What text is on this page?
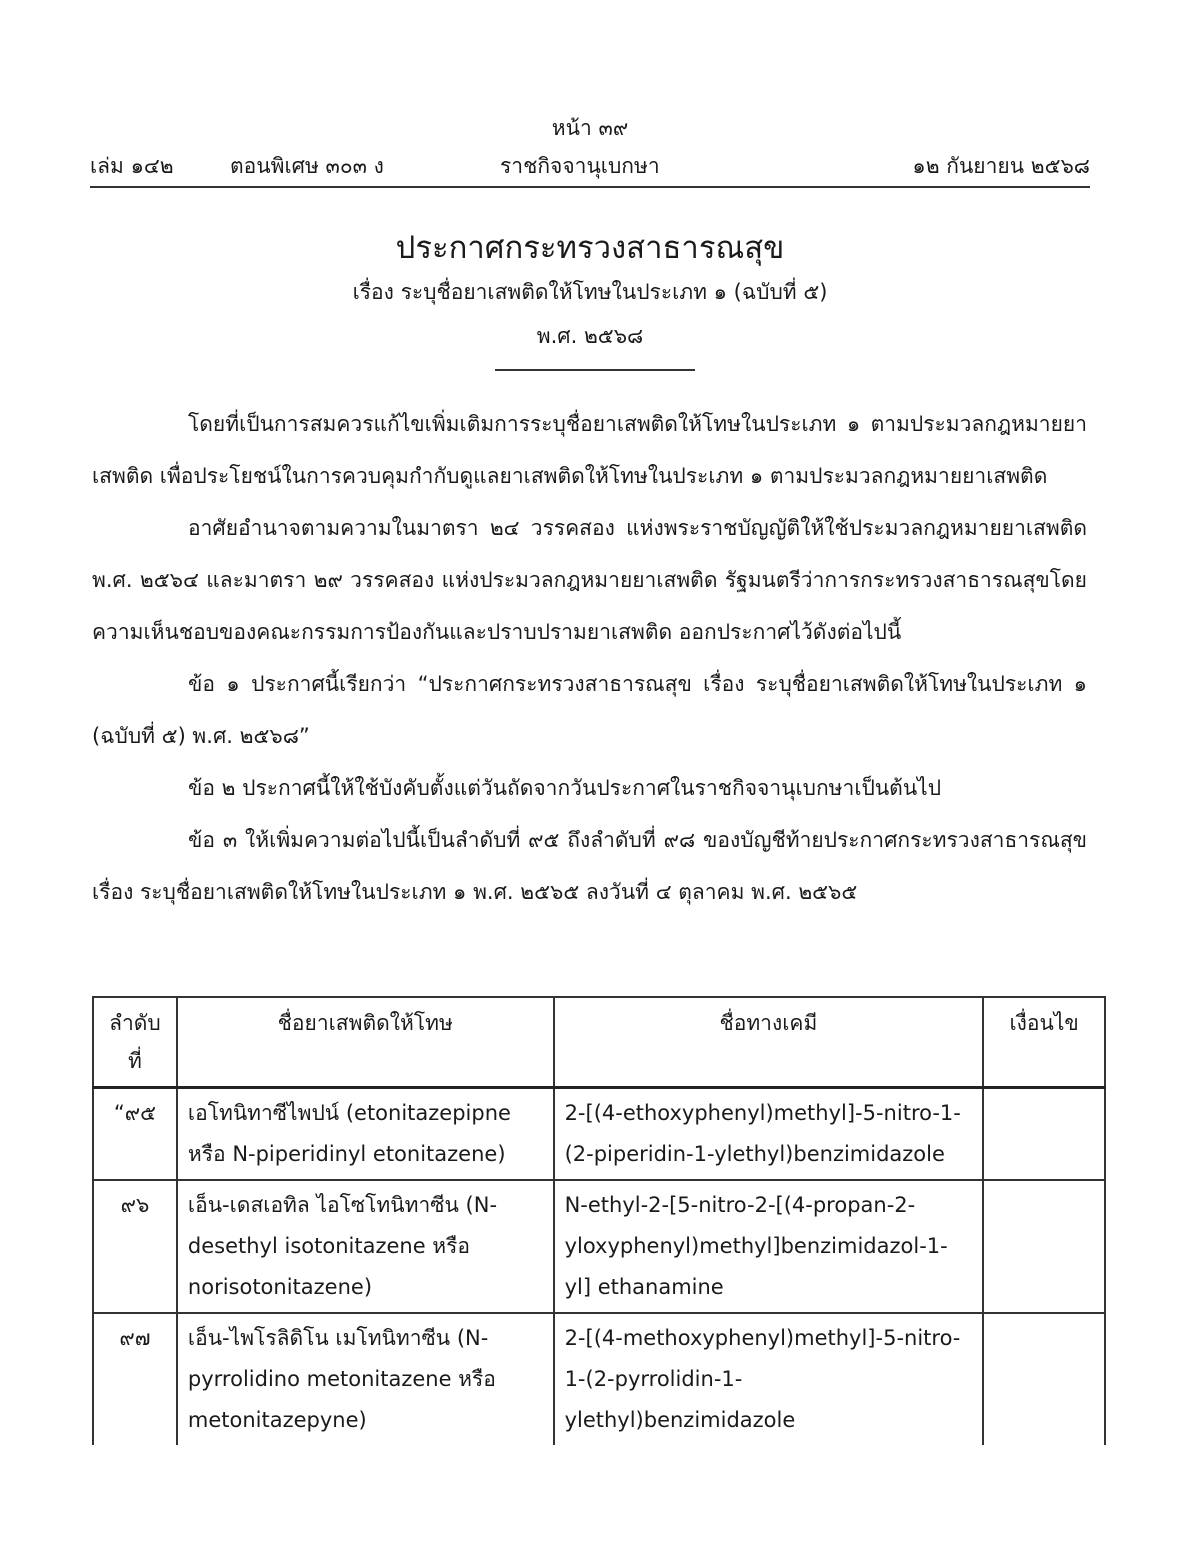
หน้า ๓๙
เล่ม ๑๔๒	ตอนพิเศษ ๓๐๓ ง	ราชกิจจานุเบกษา	๑๒ กันยายน ๒๕๖๘
ประกาศกระทรวงสาธารณสุข
เรื่อง ระบุชื่อยาเสพติดให้โทษในประเภท ๑ (ฉบับที่ ๕)
พ.ศ. ๒๕๖๘

โดยที่เป็นการสมควรแก้ไขเพิ่มเติมการระบุชื่อยาเสพติดให้โทษในประเภท ๑ ตามประมวลกฎหมายยาเสพติด เพื่อประโยชน์ในการควบคุมกำกับดูแลยาเสพติดให้โทษในประเภท ๑ ตามประมวลกฎหมายยาเสพติด

อาศัยอำนาจตามความในมาตรา ๒๔ วรรคสอง แห่งพระราชบัญญัติให้ใช้ประมวลกฎหมายยาเสพติด พ.ศ. ๒๕๖๔ และมาตรา ๒๙ วรรคสอง แห่งประมวลกฎหมายยาเสพติด รัฐมนตรีว่าการกระทรวงสาธารณสุขโดยความเห็นชอบของคณะกรรมการป้องกันและปราบปรามยาเสพติด ออกประกาศไว้ดังต่อไปนี้

ข้อ ๑ ประกาศนี้เรียกว่า “ประกาศกระทรวงสาธารณสุข เรื่อง ระบุชื่อยาเสพติดให้โทษในประเภท ๑ (ฉบับที่ ๕) พ.ศ. ๒๕๖๘”

ข้อ ๒ ประกาศนี้ให้ใช้บังคับตั้งแต่วันถัดจากวันประกาศในราชกิจจานุเบกษาเป็นต้นไป

ข้อ ๓ ให้เพิ่มความต่อไปนี้เป็นลำดับที่ ๙๕ ถึงลำดับที่ ๙๘ ของบัญชีท้ายประกาศกระทรวงสาธารณสุข เรื่อง ระบุชื่อยาเสพติดให้โทษในประเภท ๑ พ.ศ. ๒๕๖๕ ลงวันที่ ๔ ตุลาคม พ.ศ. ๒๕๖๕

ลำดับที่	ชื่อยาเสพติดให้โทษ	ชื่อทางเคมี	เงื่อนไข
“๙๕	เอโทนิทาซีไพปน์ (etonitazepipne หรือ N-piperidinyl etonitazene)	2-[(4-ethoxyphenyl)methyl]-5-nitro-1-(2-piperidin-1-ylethyl)benzimidazole	
๙๖	เอ็น-เดสเอทิล ไอโซโทนิทาซีน (N-desethyl isotonitazene หรือ norisotonitazene)	N-ethyl-2-[5-nitro-2-[(4-propan-2-yloxyphenyl)methyl]benzimidazol-1-yl] ethanamine	
๙๗	เอ็น-ไพโรลิดิโน เมโทนิทาซีน (N-pyrrolidino metonitazene หรือ metonitazepyne)	2-[(4-methoxyphenyl)methyl]-5-nitro-1-(2-pyrrolidin-1-ylethyl)benzimidazole	
